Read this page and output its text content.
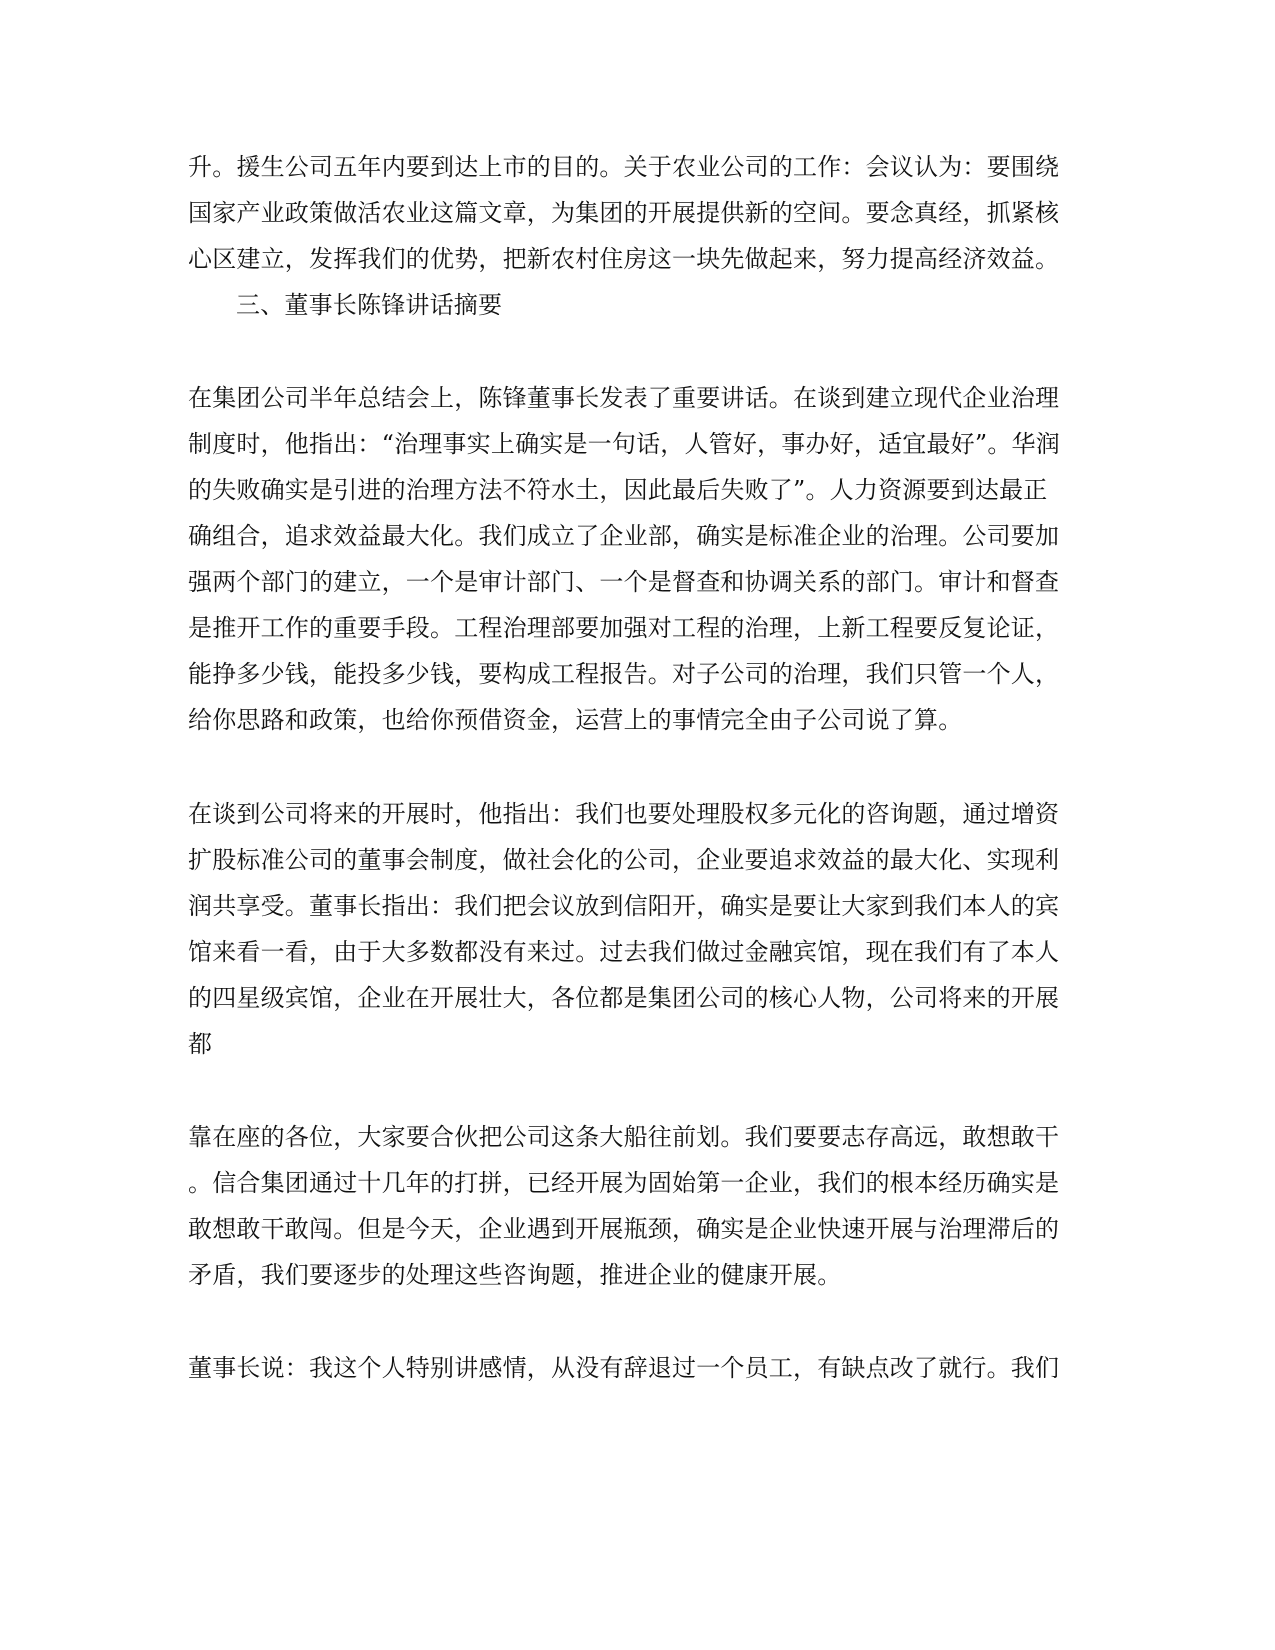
升。援生公司五年内要到达上市的目的。关于农业公司的工作：会议认为：要围绕
国家产业政策做活农业这篇文章，为集团的开展提供新的空间。要念真经，抓紧核
心区建立，发挥我们的优势，把新农村住房这一块先做起来，努力提高经济效益。
三、董事长陈锋讲话摘要
在集团公司半年总结会上，陈锋董事长发表了重要讲话。在谈到建立现代企业治理
制度时，他指出：“治理事实上确实是一句话，人管好，事办好，适宜最好”。华润
的失败确实是引进的治理方法不符水土，因此最后失败了”。人力资源要到达最正
确组合，追求效益最大化。我们成立了企业部，确实是标准企业的治理。公司要加
强两个部门的建立，一个是审计部门、一个是督查和协调关系的部门。审计和督查
是推开工作的重要手段。工程治理部要加强对工程的治理，上新工程要反复论证，
能挣多少钱，能投多少钱，要构成工程报告。对子公司的治理，我们只管一个人，
给你思路和政策，也给你预借资金，运营上的事情完全由子公司说了算。
在谈到公司将来的开展时，他指出：我们也要处理股权多元化的咨询题，通过增资
扩股标准公司的董事会制度，做社会化的公司，企业要追求效益的最大化、实现利
润共享受。董事长指出：我们把会议放到信阳开，确实是要让大家到我们本人的宾
馆来看一看，由于大多数都没有来过。过去我们做过金融宾馆，现在我们有了本人
的四星级宾馆，企业在开展壮大，各位都是集团公司的核心人物，公司将来的开展
都
靠在座的各位，大家要合伙把公司这条大船往前划。我们要要志存高远，敢想敢干
。信合集团通过十几年的打拼，已经开展为固始第一企业，我们的根本经历确实是
敢想敢干敢闯。但是今天，企业遇到开展瓶颈，确实是企业快速开展与治理滞后的
矛盾，我们要逐步的处理这些咨询题，推进企业的健康开展。
董事长说：我这个人特别讲感情，从没有辞退过一个员工，有缺点改了就行。我们
